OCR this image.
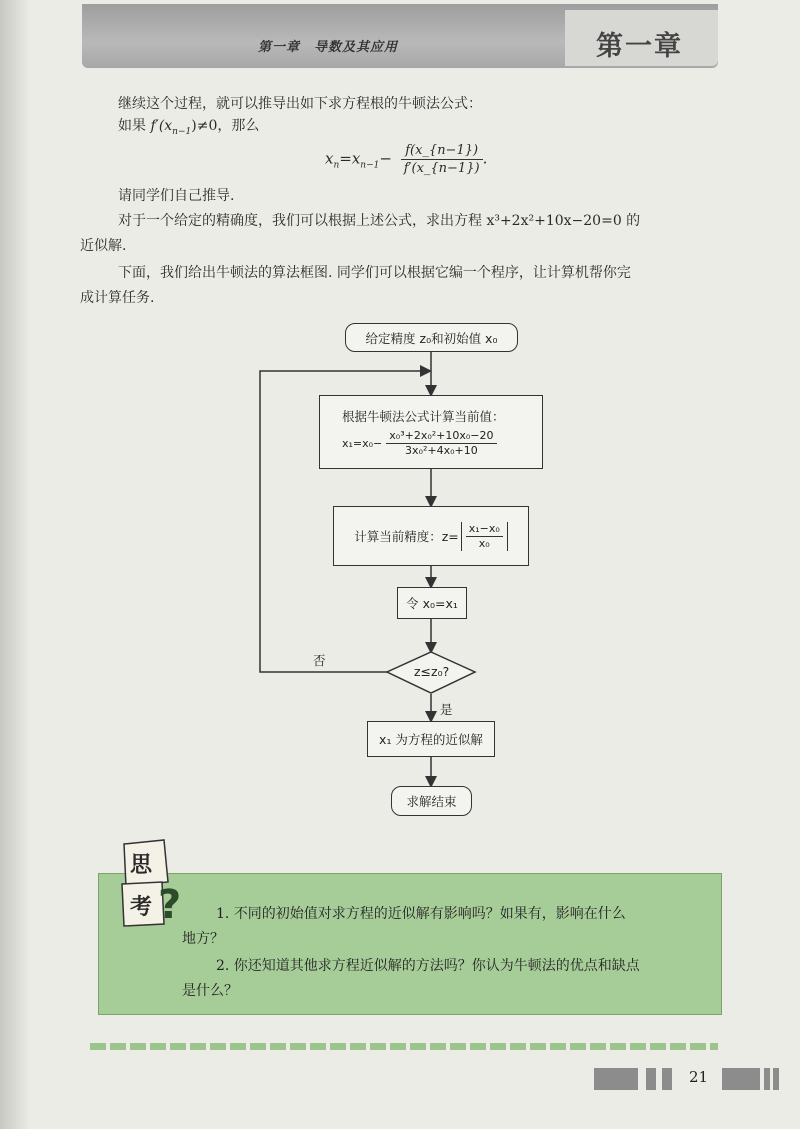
第一章　导数及其应用	第一章
继续这个过程，就可以推导出如下求方程根的牛顿法公式：
如果 $f'(x_{n-1})\ne 0$，那么
$x_n=x_{n-1}- \frac{f(x\_\{n-1\})}{f'(x\_\{n-1\})}$ .
请同学们自己推导.
对于一个给定的精确度，我们可以根据上述公式，求出方程 x³+2x²+10x−20=0 的
近似解.
下面，我们给出牛顿法的算法框图. 同学们可以根据它编一个程序，让计算机帮你完
成计算任务.
给定精度 z₀和初始值 x₀
根据牛顿法公式计算当前值：
$x_1=x_0- \frac{\text{x₀³+2x₀²+10x₀−20}}{\text{3x₀²+4x₀+10}}$
计算当前精度：$z= \frac{\text{x₁−x₀}}{\text{x₀}}$
令 x₀=x₁
z≤z₀?
否
是
x₁ 为方程的近似解
求解结束
思
考 ? 1. 不同的初始值对求方程的近似解有影响吗？如果有，影响在什么
地方？
2. 你还知道其他求方程近似解的方法吗？你认为牛顿法的优点和缺点
是什么？
21
